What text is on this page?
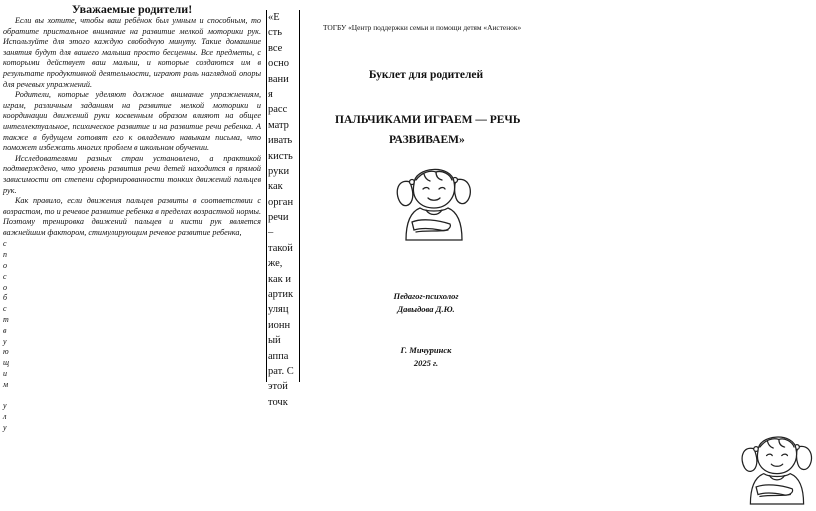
Уважаемые родители!

Если вы хотите, чтобы ваш ребёнок был умным и способным, то обратите пристальное внимание на развитие мелкой моторики рук. Используйте для этого каждую свободную минуту. Такие домашние занятия будут для вашего малыша просто бесценны. Все предметы, с которыми действует ваш малыш, и которые создаются им в результате продуктивной деятельности, играют роль наглядной опоры для речевых упражнений.

Родители, которые уделяют должное внимание упражнениям, играм, различным заданиям на развитие мелкой моторики и координации движений руки косвенным образом влияют на общее интеллектуальное, психическое развитие и на развитие речи ребенка. А также в будущем готовят его к овладению навыкам письма, что поможет избежать многих проблем в школьном обучении.

Исследователями разных стран установлено, а практикой подтверждено, что уровень развития речи детей находится в прямой зависимости от степени сформированности тонких движений пальцев рук.

Как правило, если движения пальцев развиты в соответствии с возрастом, то и речевое развитие ребенка в пределах возрастной нормы. Поэтому тренировка движений пальцев и кисти рук является важнейшим фактором, стимулирующим речевое развитие ребенка,

с
п
о
с
о
б
с
т
в
у
ю
щ
и
м
у
л
у
«Е
сть
все
осно
вани
я
расс
матр
ивать
кисть
руки
как
орган
речи
–
такой
же,
как и
артик
уляц
ионн
ый
аппа
рат. С
этой
точк
ТОГБУ «Центр поддержки семьи и помощи детям «Аистенок»
Буклет для родителей
ПАЛЬЧИКАМИ ИГРАЕМ — РЕЧЬ
РАЗВИВАЕМ»
Педагог-психолог
Давыдова Д.Ю.
Г. Мичуринск
2025 г.
